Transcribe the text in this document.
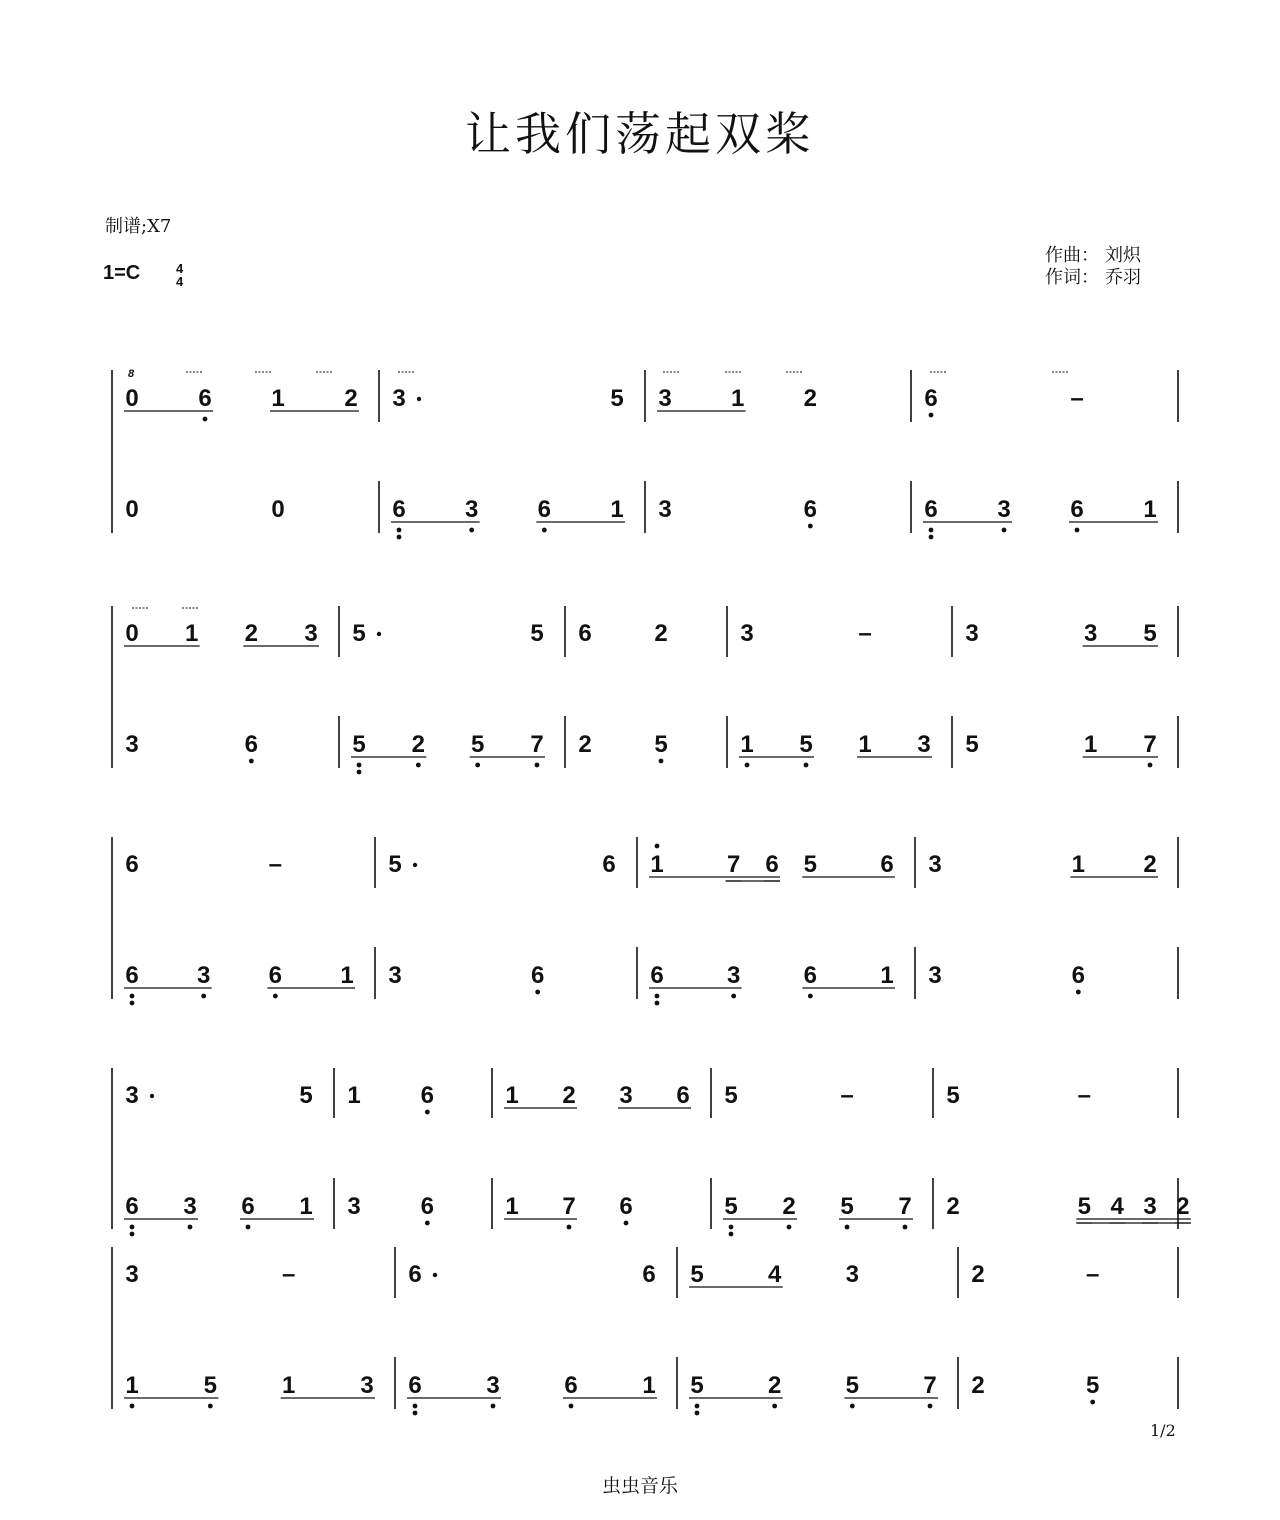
让我们荡起双桨
制谱;X7
1=C	4
4
作曲： 刘炽
作词： 乔羽
0 6 1 2
8
3	5 3 1 2	6	–
0	0	6 3 6 1 3	6	6 3 6 1
0 1 2 3 5	5 6	2	3	–	3	3 5
3	6	5 2 5 7 2	5	1 5 1 3 5	1 7
6	–	5	6 1	7 6 5	6 3	1 2
6 3 6 1 3	6	6	3	6	1 3	6
3	5 1 6	1 2 3 6 5	–	5	–
6 3 6 1 3 6	1 7 6	5 2 5 7 2	5 4 3 2
3	–	6	6 5	4	3	2	–
1	5	1	3 6	3	6	1 5	2	5	7 2	5
1/2
虫虫音乐
